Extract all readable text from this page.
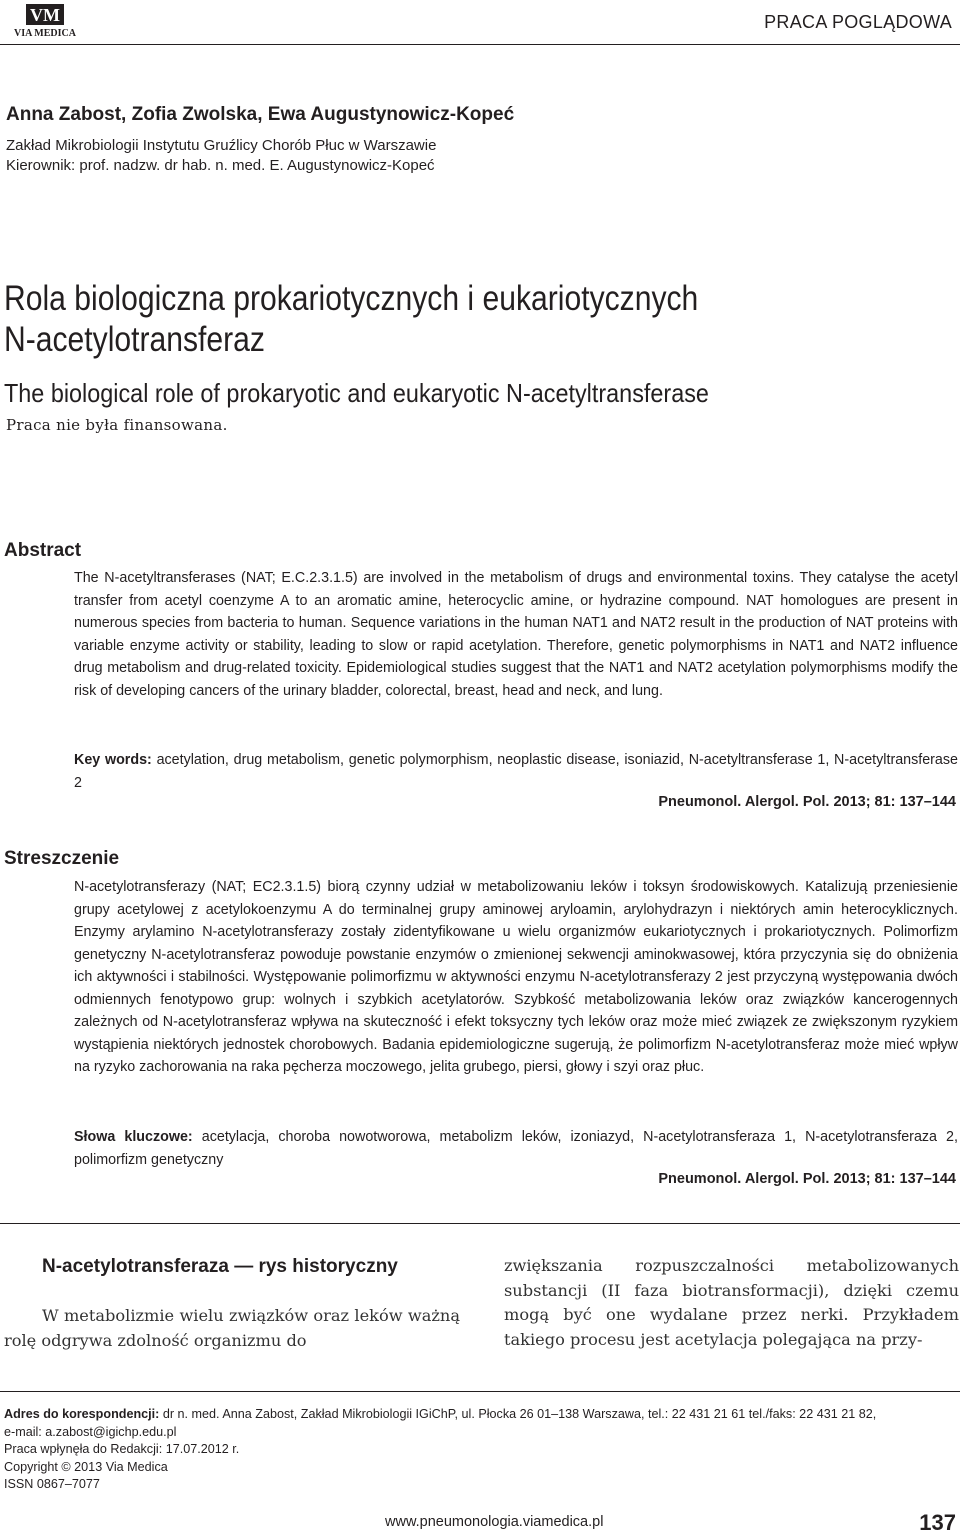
VM
VIA MEDICA
PRACA POGLĄDOWA
Anna Zabost, Zofia Zwolska, Ewa Augustynowicz-Kopeć
Zakład Mikrobiologii Instytutu Gruźlicy Chorób Płuc w Warszawie
Kierownik: prof. nadzw. dr hab. n. med. E. Augustynowicz-Kopeć
Rola biologiczna prokariotycznych i eukariotycznych
N-acetylotransferaz
The biological role of prokaryotic and eukaryotic N-acetyltransferase
Praca nie była finansowana.
Abstract
The N-acetyltransferases (NAT; E.C.2.3.1.5) are involved in the metabolism of drugs and environmental toxins. They catalyse the acetyl transfer from acetyl coenzyme A to an aromatic amine, heterocyclic amine, or hydrazine compound. NAT homologues are present in numerous species from bacteria to human. Sequence variations in the human NAT1 and NAT2 result in the production of NAT proteins with variable enzyme activity or stability, leading to slow or rapid acetylation. Therefore, genetic polymorphisms in NAT1 and NAT2 influence drug metabolism and drug-related toxicity. Epidemiological studies suggest that the NAT1 and NAT2 acetylation polymorphisms modify the risk of developing cancers of the urinary bladder, colorectal, breast, head and neck, and lung.
Key words: acetylation, drug metabolism, genetic polymorphism, neoplastic disease, isoniazid, N-acetyltransferase 1, N-acetyltransferase 2
Pneumonol. Alergol. Pol. 2013; 81: 137–144
Streszczenie
N-acetylotransferazy (NAT; EC2.3.1.5) biorą czynny udział w metabolizowaniu leków i toksyn środowiskowych. Katalizują przeniesienie grupy acetylowej z acetylokoenzymu A do terminalnej grupy aminowej aryloamin, arylohydrazyn i niektórych amin heterocyklicznych. Enzymy arylamino N-acetylotransferazy zostały zidentyfikowane u wielu organizmów eukariotycznych i prokariotycznych. Polimorfizm genetyczny N-acetylotransferaz powoduje powstanie enzymów o zmienionej sekwencji aminokwasowej, która przyczynia się do obniżenia ich aktywności i stabilności. Występowanie polimorfizmu w aktywności enzymu N-acetylotransferazy 2 jest przyczyną występowania dwóch odmiennych fenotypowo grup: wolnych i szybkich acetylatorów. Szybkość metabolizowania leków oraz związków kancerogennych zależnych od N-acetylotransferaz wpływa na skuteczność i efekt toksyczny tych leków oraz może mieć związek ze zwiększonym ryzykiem wystąpienia niektórych jednostek chorobowych. Badania epidemiologiczne sugerują, że polimorfizm N-acetylotransferaz może mieć wpływ na ryzyko zachorowania na raka pęcherza moczowego, jelita grubego, piersi, głowy i szyi oraz płuc.
Słowa kluczowe: acetylacja, choroba nowotworowa, metabolizm leków, izoniazyd, N-acetylotransferaza 1, N-acetylotransferaza 2, polimorfizm genetyczny
Pneumonol. Alergol. Pol. 2013; 81: 137–144
N-acetylotransferaza — rys historyczny
W metabolizmie wielu związków oraz leków ważną rolę odgrywa zdolność organizmu do
zwiększania rozpuszczalności metabolizowanych substancji (II faza biotransformacji), dzięki czemu mogą być one wydalane przez nerki. Przykładem takiego procesu jest acetylacja polegająca na przy-
Adres do korespondencji: dr n. med. Anna Zabost, Zakład Mikrobiologii IGiChP, ul. Płocka 26 01–138 Warszawa, tel.: 22 431 21 61 tel./faks: 22 431 21 82,
e-mail: a.zabost@igichp.edu.pl
Praca wpłynęła do Redakcji: 17.07.2012 r.
Copyright © 2013 Via Medica
ISSN 0867–7077
www.pneumonologia.viamedica.pl	137
